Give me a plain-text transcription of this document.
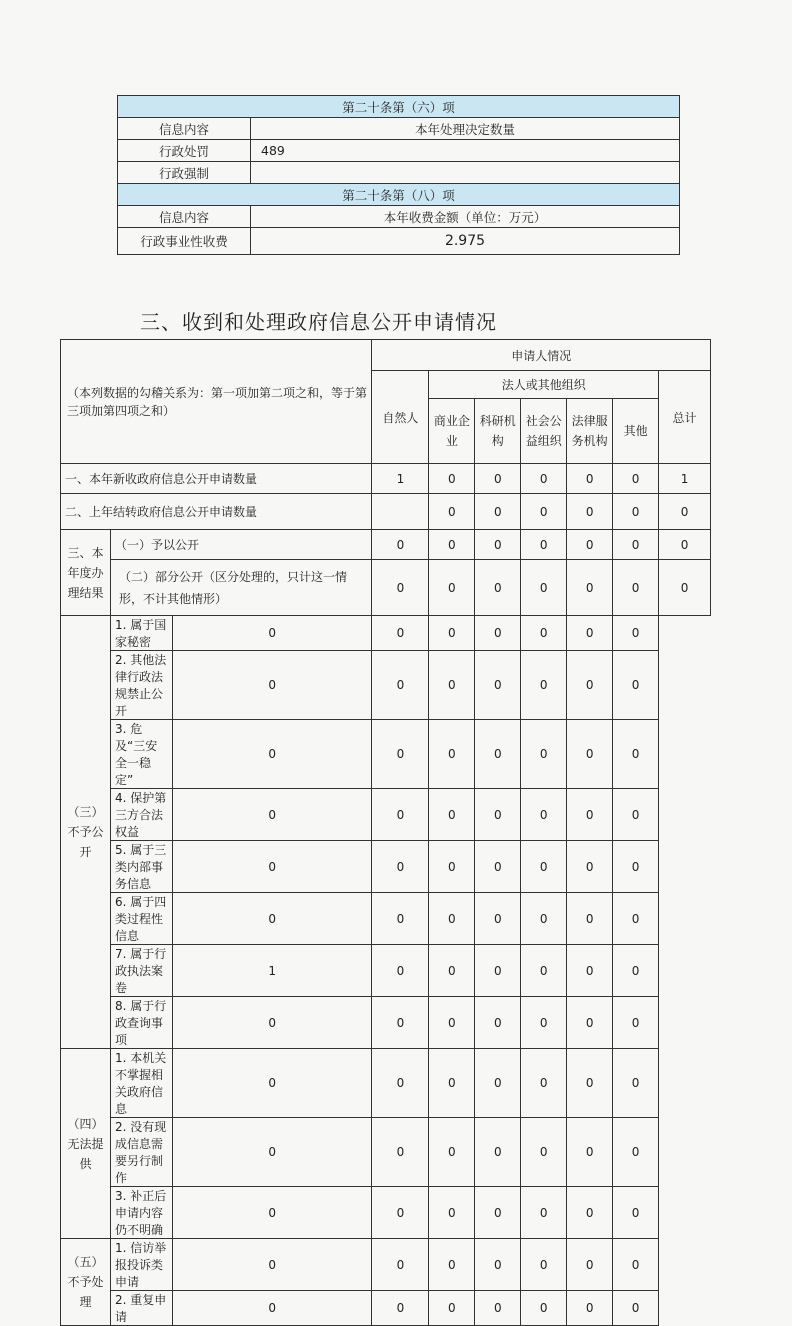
第二十条第（六）项	
信息内容	本年处理决定数量
行政处罚	489
行政强制	
第二十条第（八）项	
信息内容	本年收费金额（单位：万元）
行政事业性收费	2.975
三、收到和处理政府信息公开申请情况
（本列数据的勾稽关系为：第一项加第二项之和，等于第三项加第四项之和）			申请人情况						
			自然人	法人或其他组织					总计
				商业企业	科研机构	社会公益组织	法律服务机构	其他	
一、本年新收政府信息公开申请数量			1	0	0	0	0	0	1
二、上年结转政府信息公开申请数量				0	0	0	0	0	0
三、本年度办理结果	（一）予以公开		0	0	0	0	0	0	0
	（二）部分公开（区分处理的，只计这一情形，不计其他情形）		0	0	0	0	0	0	0
（三）不予公开	1. 属于国家秘密	0	0	0	0	0	0	0	
	2. 其他法律行政法规禁止公开	0	0	0	0	0	0	0	
	3. 危及“三安全一稳定”	0	0	0	0	0	0	0	
	4. 保护第三方合法权益	0	0	0	0	0	0	0	
	5. 属于三类内部事务信息	0	0	0	0	0	0	0	
	6. 属于四类过程性信息	0	0	0	0	0	0	0	
	7. 属于行政执法案卷	1	0	0	0	0	0	0	
	8. 属于行政查询事项	0	0	0	0	0	0	0	
（四）无法提供	1. 本机关不掌握相关政府信息	0	0	0	0	0	0	0	
	2. 没有现成信息需要另行制作	0	0	0	0	0	0	0	
	3. 补正后申请内容仍不明确	0	0	0	0	0	0	0	
（五）不予处理	1. 信访举报投诉类申请	0	0	0	0	0	0	0	
	2. 重复申请	0	0	0	0	0	0	0	
